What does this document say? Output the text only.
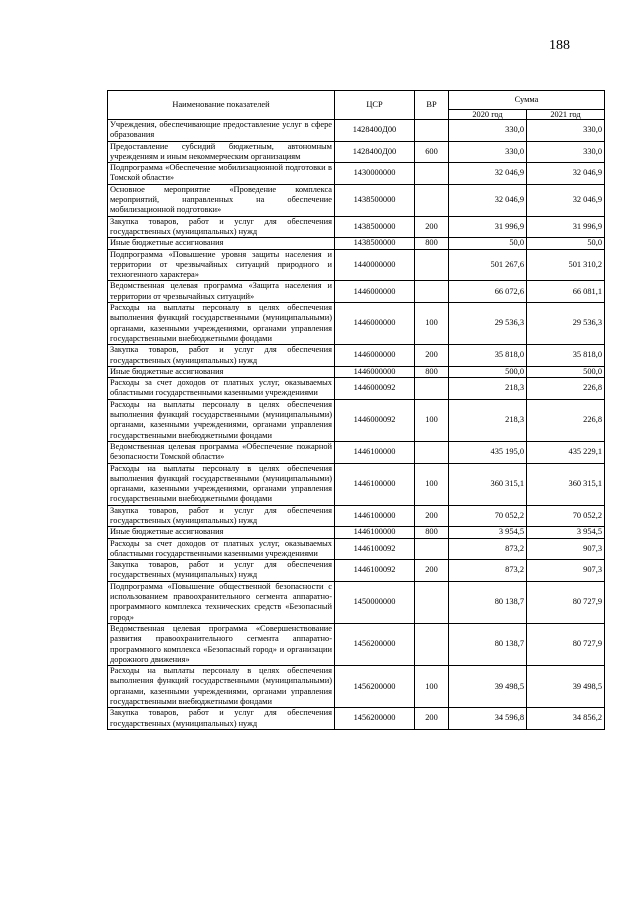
188
Наименование показателей	ЦСР	ВР	Сумма	
			2020 год	2021 год
Учреждения, обеспечивающие предоставление услуг в сфере образования	1428400Д00		330,0	330,0
Предоставление субсидий бюджетным, автономным учреждениям и иным некоммерческим организациям	1428400Д00	600	330,0	330,0
Подпрограмма «Обеспечение мобилизационной подготовки в Томской области»	1430000000		32 046,9	32 046,9
Основное мероприятие «Проведение комплекса мероприятий, направленных на обеспечение мобилизационной подготовки»	1438500000		32 046,9	32 046,9
Закупка товаров, работ и услуг для обеспечения государственных (муниципальных) нужд	1438500000	200	31 996,9	31 996,9
Иные бюджетные ассигнования	1438500000	800	50,0	50,0
Подпрограмма «Повышение уровня защиты населения и территории от чрезвычайных ситуаций природного и техногенного характера»	1440000000		501 267,6	501 310,2
Ведомственная целевая программа «Защита населения и территории от чрезвычайных ситуаций»	1446000000		66 072,6	66 081,1
Расходы на выплаты персоналу в целях обеспечения выполнения функций государственными (муниципальными) органами, казенными учреждениями, органами управления государственными внебюджетными фондами	1446000000	100	29 536,3	29 536,3
Закупка товаров, работ и услуг для обеспечения государственных (муниципальных) нужд	1446000000	200	35 818,0	35 818,0
Иные бюджетные ассигнования	1446000000	800	500,0	500,0
Расходы за счет доходов от платных услуг, оказываемых областными государственными казенными учреждениями	1446000092		218,3	226,8
Расходы на выплаты персоналу в целях обеспечения выполнения функций государственными (муниципальными) органами, казенными учреждениями, органами управления государственными внебюджетными фондами	1446000092	100	218,3	226,8
Ведомственная целевая программа «Обеспечение пожарной безопасности Томской области»	1446100000		435 195,0	435 229,1
Расходы на выплаты персоналу в целях обеспечения выполнения функций государственными (муниципальными) органами, казенными учреждениями, органами управления государственными внебюджетными фондами	1446100000	100	360 315,1	360 315,1
Закупка товаров, работ и услуг для обеспечения государственных (муниципальных) нужд	1446100000	200	70 052,2	70 052,2
Иные бюджетные ассигнования	1446100000	800	3 954,5	3 954,5
Расходы за счет доходов от платных услуг, оказываемых областными государственными казенными учреждениями	1446100092		873,2	907,3
Закупка товаров, работ и услуг для обеспечения государственных (муниципальных) нужд	1446100092	200	873,2	907,3
Подпрограмма «Повышение общественной безопасности с использованием правоохранительного сегмента аппаратно-программного комплекса технических средств «Безопасный город»	1450000000		80 138,7	80 727,9
Ведомственная целевая программа «Совершенствование развития правоохранительного сегмента аппаратно-программного комплекса «Безопасный город» и организации дорожного движения»	1456200000		80 138,7	80 727,9
Расходы на выплаты персоналу в целях обеспечения выполнения функций государственными (муниципальными) органами, казенными учреждениями, органами управления государственными внебюджетными фондами	1456200000	100	39 498,5	39 498,5
Закупка товаров, работ и услуг для обеспечения государственных (муниципальных) нужд	1456200000	200	34 596,8	34 856,2
